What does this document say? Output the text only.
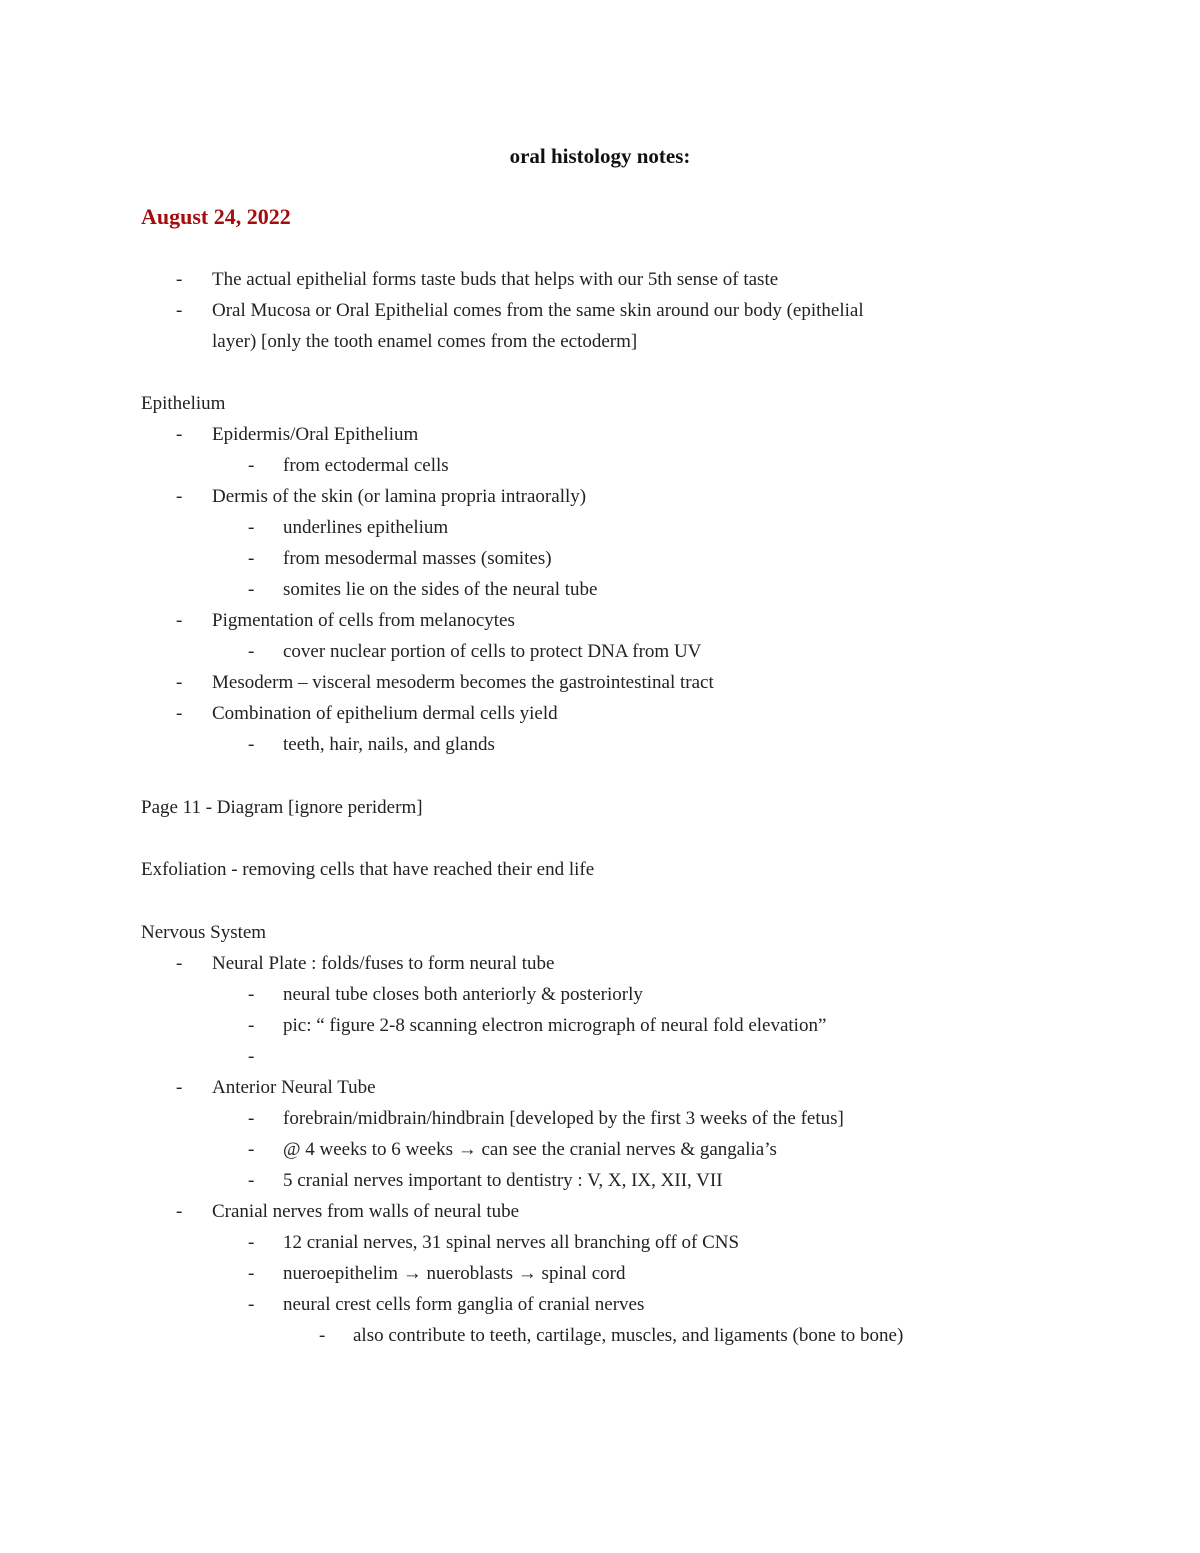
oral histology notes:
August 24, 2022
- The actual epithelial forms taste buds that helps with our 5th sense of taste
- Oral Mucosa or Oral Epithelial comes from the same skin around our body (epithelial
layer) [only the tooth enamel comes from the ectoderm]
Epithelium
- Epidermis/Oral Epithelium
- from ectodermal cells
- Dermis of the skin (or lamina propria intraorally)
- underlines epithelium
- from mesodermal masses (somites)
- somites lie on the sides of the neural tube
- Pigmentation of cells from melanocytes
- cover nuclear portion of cells to protect DNA from UV
- Mesoderm – visceral mesoderm becomes the gastrointestinal tract
- Combination of epithelium dermal cells yield
- teeth, hair, nails, and glands
Page 11 - Diagram [ignore periderm]
Exfoliation - removing cells that have reached their end life
Nervous System
- Neural Plate : folds/fuses to form neural tube
- neural tube closes both anteriorly & posteriorly
- pic: “ figure 2-8 scanning electron micrograph of neural fold elevation”
-
- Anterior Neural Tube
- forebrain/midbrain/hindbrain [developed by the first 3 weeks of the fetus]
- @ 4 weeks to 6 weeks → can see the cranial nerves & gangalia’s
- 5 cranial nerves important to dentistry : V, X, IX, XII, VII
- Cranial nerves from walls of neural tube
- 12 cranial nerves, 31 spinal nerves all branching off of CNS
- nueroepithelim → nueroblasts → spinal cord
- neural crest cells form ganglia of cranial nerves
- also contribute to teeth, cartilage, muscles, and ligaments (bone to bone)
